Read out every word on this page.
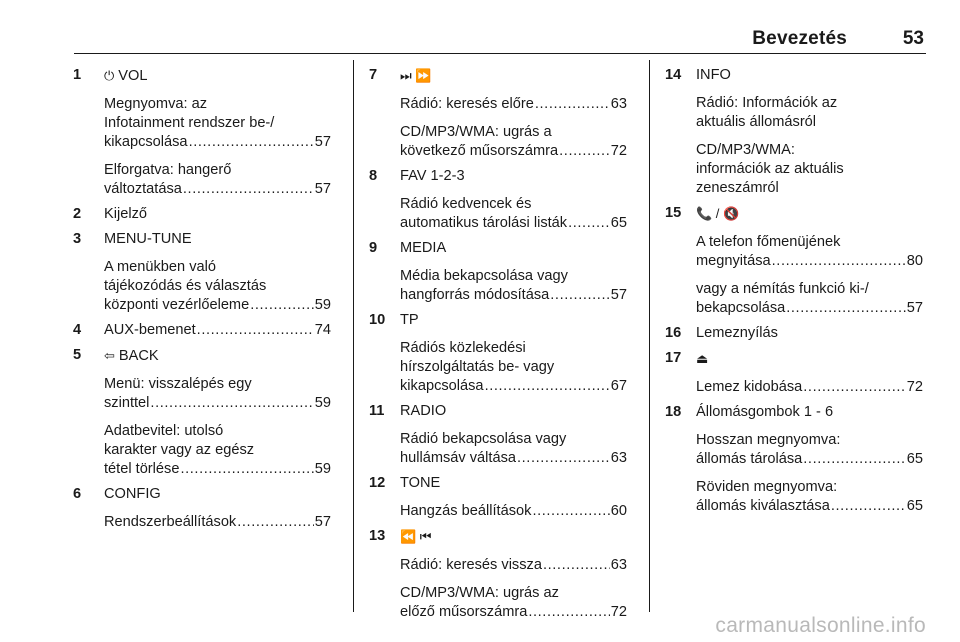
Bevezetés	53
1	⏻ VOL
Megnyomva: az
Infotainment rendszer be-/
kikapcsolása .....	57
Elforgatva: hangerő
változtatása .....	57
2	Kijelző
3	MENU-TUNE
A menükben való
tájékozódás és választás
központi vezérlőeleme .....	59
4	AUX-bemenet .....	74
5	⇦ BACK
Menü: visszalépés egy
szinttel .....	59
Adatbevitel: utolsó
karakter vagy az egész
tétel törlése .....	59
6	CONFIG
Rendszerbeállítások .....	57
7	⏭ ⏩
Rádió: keresés előre .....	63
CD/MP3/WMA: ugrás a
következő műsorszámra .....	72
8	FAV 1-2-3
Rádió kedvencek és
automatikus tárolási listák .....	65
9	MEDIA
Média bekapcsolása vagy
hangforrás módosítása .....	57
10	TP
Rádiós közlekedési
hírszolgáltatás be- vagy
kikapcsolása .....	67
11	RADIO
Rádió bekapcsolása vagy
hullámsáv váltása .....	63
12	TONE
Hangzás beállítások .....	60
13	⏪ ⏮
Rádió: keresés vissza .....	63
CD/MP3/WMA: ugrás az
előző műsorszámra .....	72
14	INFO
Rádió: Információk az
aktuális állomásról
CD/MP3/WMA:
információk az aktuális
zeneszámról
15	📞 / 🔇
A telefon főmenüjének
megnyitása .....	80
vagy a némítás funkció ki-/
bekapcsolása .....	57
16	Lemeznyílás
17	⏏
Lemez kidobása .....	72
18	Állomásgombok 1 - 6
Hosszan megnyomva:
állomás tárolása .....	65
Röviden megnyomva:
állomás kiválasztása .....	65
carmanualsonline.info
